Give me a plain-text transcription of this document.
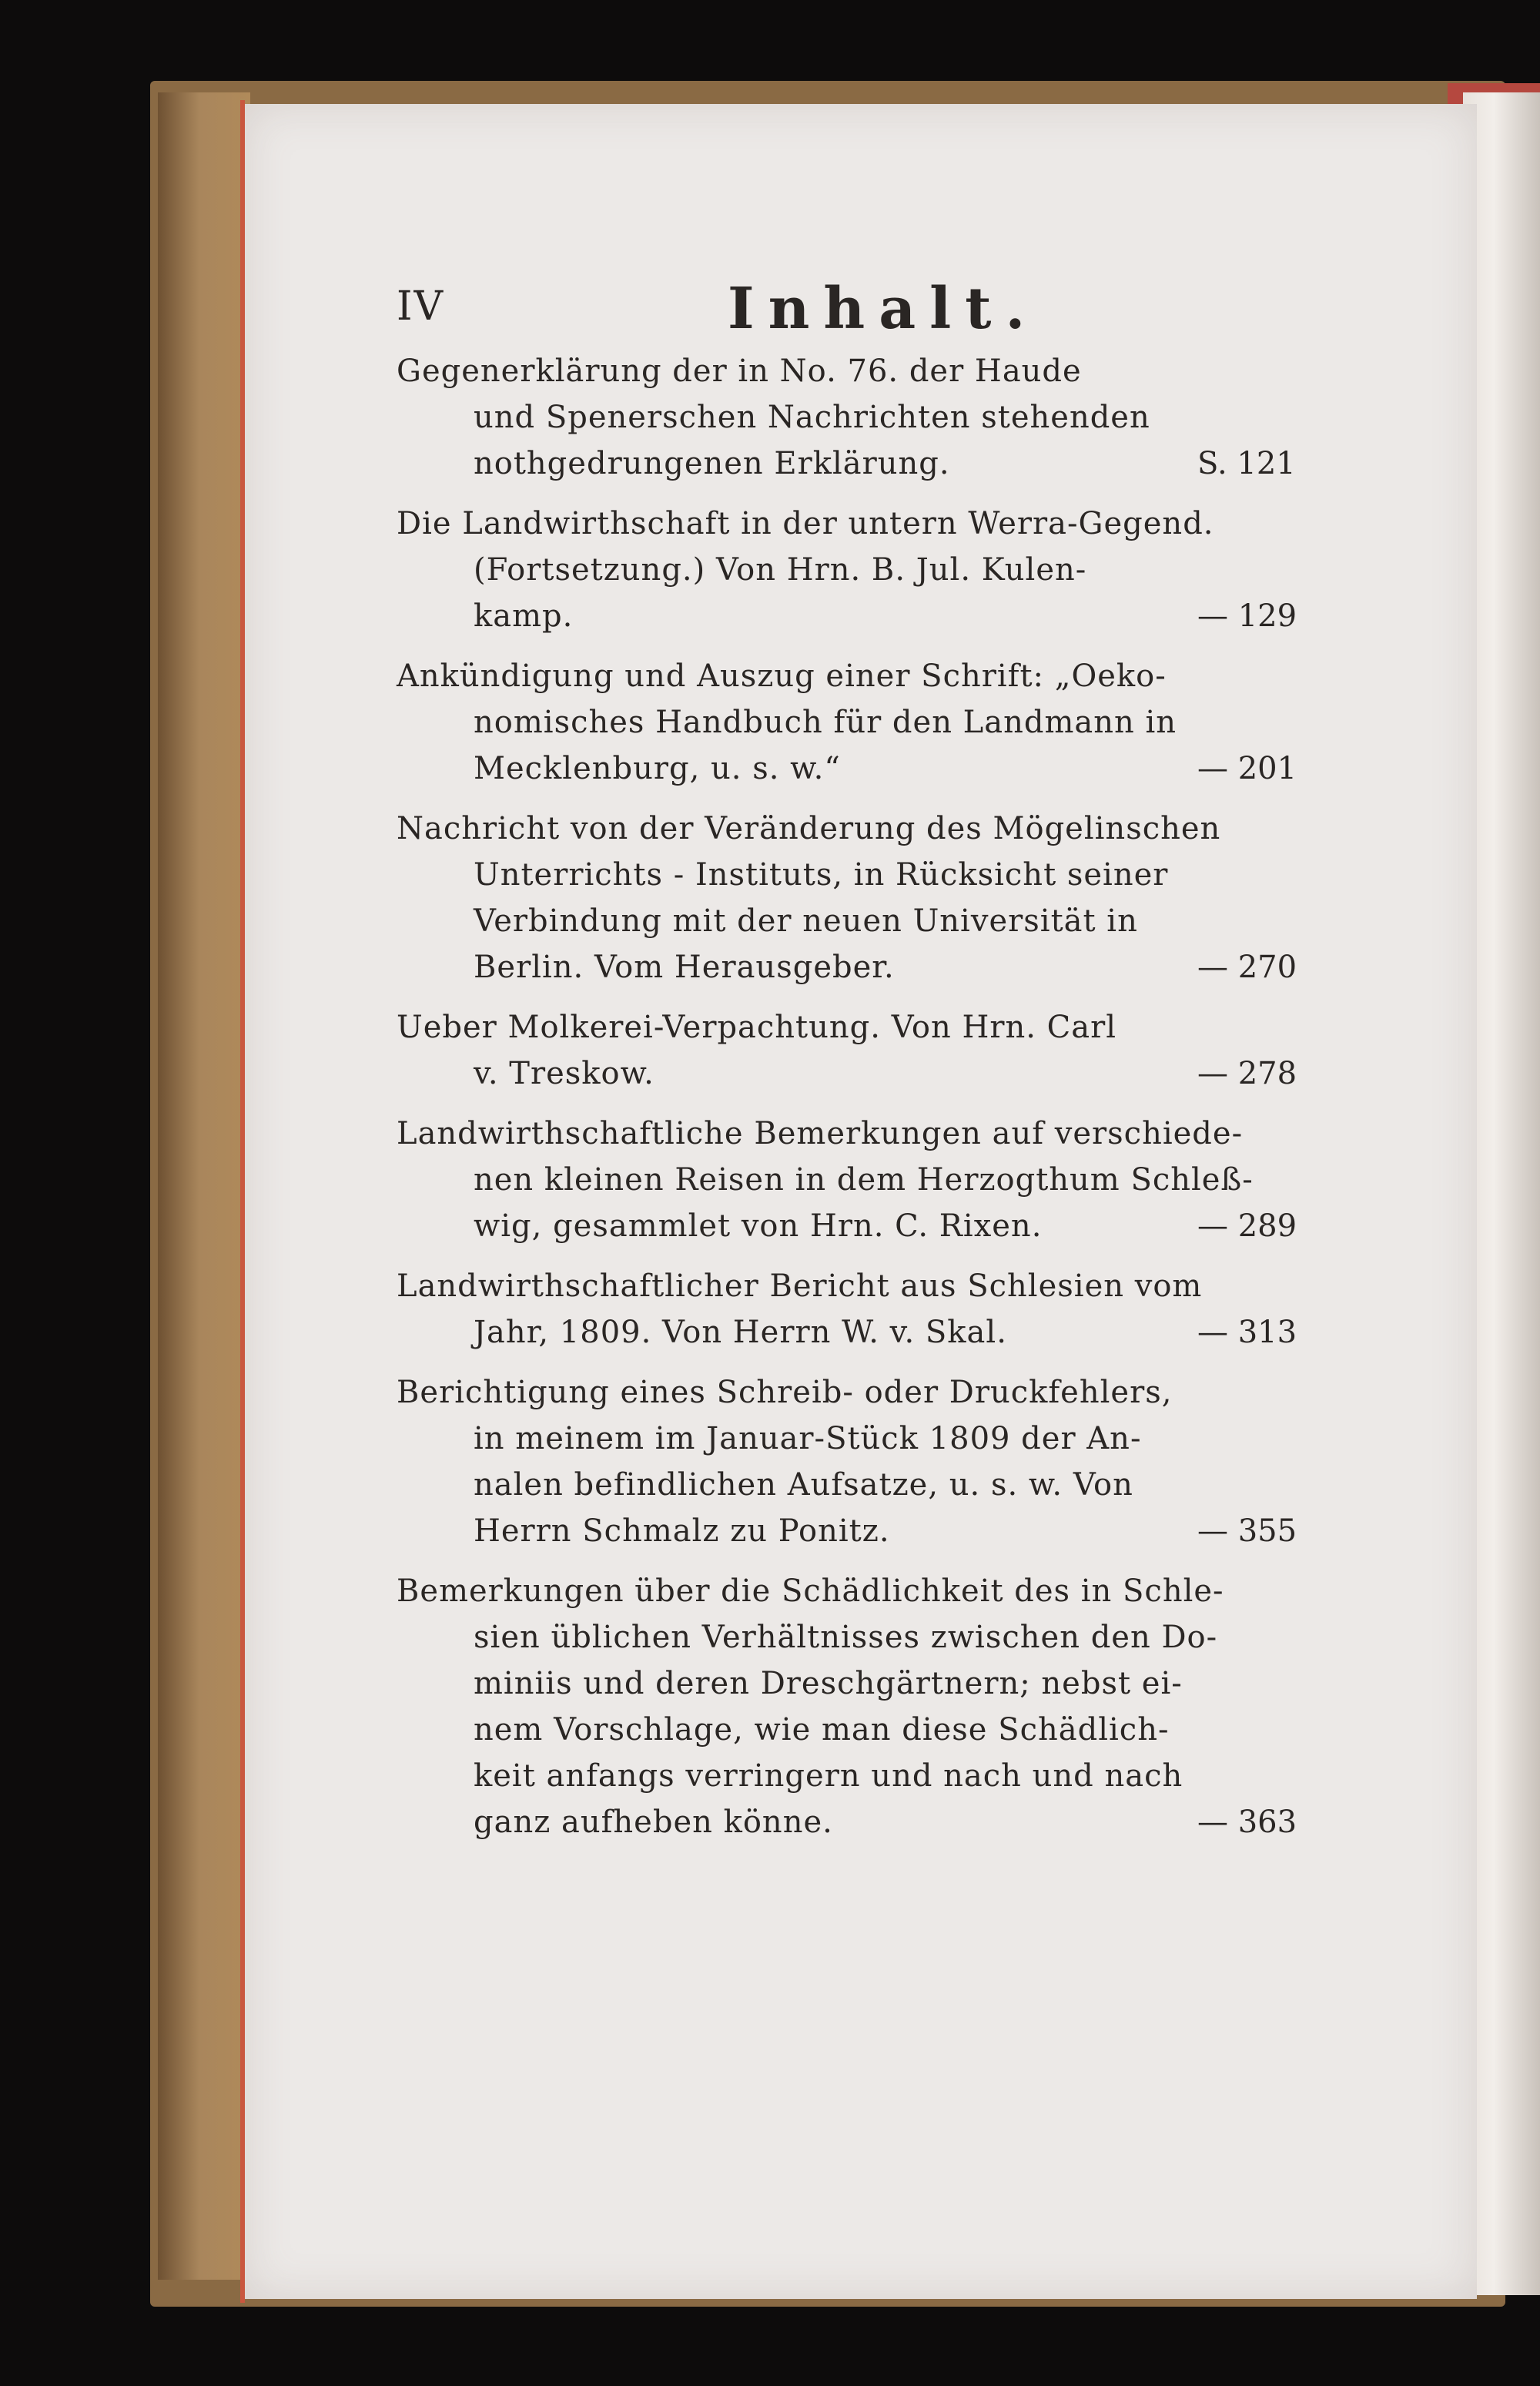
IV	Inhalt.
Gegenerklärung der in No. 76. der Haude
und Spenerschen Nachrichten stehenden
nothgedrungenen Erklärung.	S. 121
Die Landwirthschaft in der untern Werra-Gegend.
(Fortsetzung.) Von Hrn. B. Jul. Kulen-
kamp.	— 129
Ankündigung und Auszug einer Schrift: „Oeko-
nomisches Handbuch für den Landmann in
Mecklenburg, u. s. w.“	— 201
Nachricht von der Veränderung des Mögelinschen
Unterrichts - Instituts, in Rücksicht seiner
Verbindung mit der neuen Universität in
Berlin. Vom Herausgeber.	— 270
Ueber Molkerei-Verpachtung. Von Hrn. Carl
v. Treskow.	— 278
Landwirthschaftliche Bemerkungen auf verschiede-
nen kleinen Reisen in dem Herzogthum Schleß-
wig, gesammlet von Hrn. C. Rixen.	— 289
Landwirthschaftlicher Bericht aus Schlesien vom
Jahr, 1809. Von Herrn W. v. Skal.	— 313
Berichtigung eines Schreib- oder Druckfehlers,
in meinem im Januar-Stück 1809 der An-
nalen befindlichen Aufsatze, u. s. w. Von
Herrn Schmalz zu Ponitz.	— 355
Bemerkungen über die Schädlichkeit des in Schle-
sien üblichen Verhältnisses zwischen den Do-
miniis und deren Dreschgärtnern; nebst ei-
nem Vorschlage, wie man diese Schädlich-
keit anfangs verringern und nach und nach
ganz aufheben könne.	— 363
